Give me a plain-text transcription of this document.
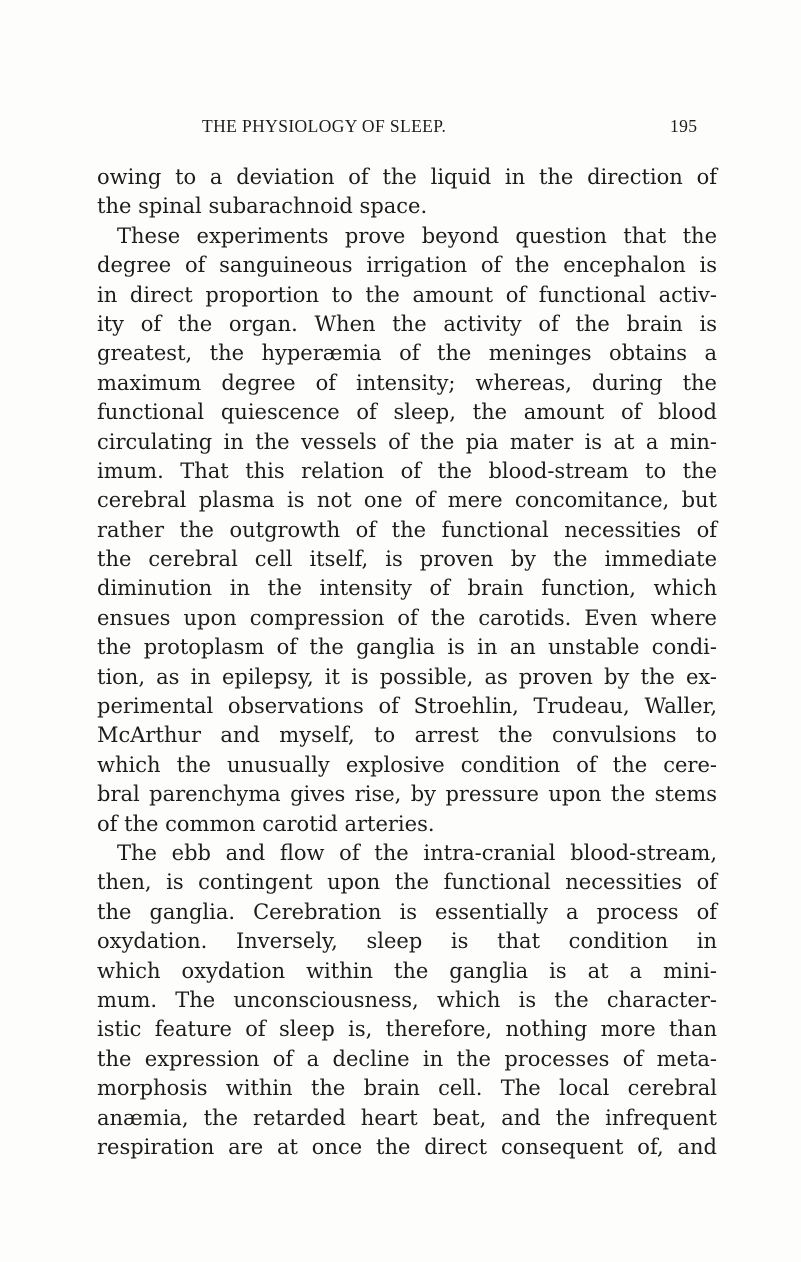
THE PHYSIOLOGY OF SLEEP.	195
owing to a deviation of the liquid in the direction of
the spinal subarachnoid space.
These experiments prove beyond question that the
degree of sanguineous irrigation of the encephalon is
in direct proportion to the amount of functional activ-
ity of the organ. When the activity of the brain is
greatest, the hyperæmia of the meninges obtains a
maximum degree of intensity; whereas, during the
functional quiescence of sleep, the amount of blood
circulating in the vessels of the pia mater is at a min-
imum. That this relation of the blood-stream to the
cerebral plasma is not one of mere concomitance, but
rather the outgrowth of the functional necessities of
the cerebral cell itself, is proven by the immediate
diminution in the intensity of brain function, which
ensues upon compression of the carotids. Even where
the protoplasm of the ganglia is in an unstable condi-
tion, as in epilepsy, it is possible, as proven by the ex-
perimental observations of Stroehlin, Trudeau, Waller,
McArthur and myself, to arrest the convulsions to
which the unusually explosive condition of the cere-
bral parenchyma gives rise, by pressure upon the stems
of the common carotid arteries.
The ebb and flow of the intra-cranial blood-stream,
then, is contingent upon the functional necessities of
the ganglia. Cerebration is essentially a process of
oxydation. Inversely, sleep is that condition in
which oxydation within the ganglia is at a mini-
mum. The unconsciousness, which is the character-
istic feature of sleep is, therefore, nothing more than
the expression of a decline in the processes of meta-
morphosis within the brain cell. The local cerebral
anæmia, the retarded heart beat, and the infrequent
respiration are at once the direct consequent of, and
